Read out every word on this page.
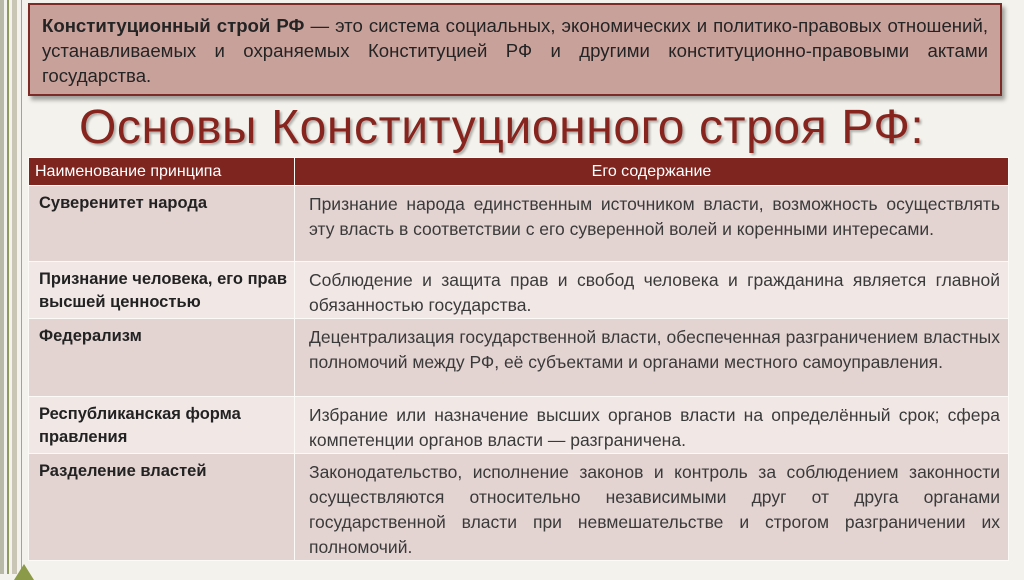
Конституционный строй РФ — это система социальных, экономических и политико-правовых отношений, устанавливаемых и охраняемых Конституцией РФ и другими конституционно-правовыми актами государства.
Основы Конституционного строя РФ:
Наименование принципа	Его содержание
Суверенитет народа	Признание народа единственным источником власти, возможность осуществлять эту власть в соответствии с его суверенной волей и коренными интересами.
Признание человека, его прав высшей ценностью	Соблюдение и защита прав и свобод человека и гражданина является главной обязанностью государства.
Федерализм	Децентрализация государственной власти, обеспеченная разграничением властных полномочий между РФ, её субъектами и органами местного самоуправления.
Республиканская форма правления	Избрание или назначение высших органов власти на определённый срок; сфера компетенции органов власти — разграничена.
Разделение властей	Законодательство, исполнение законов и контроль за соблюдением законности осуществляются относительно независимыми друг от друга органами государственной власти при невмешательстве и строгом разграничении их полномочий.
